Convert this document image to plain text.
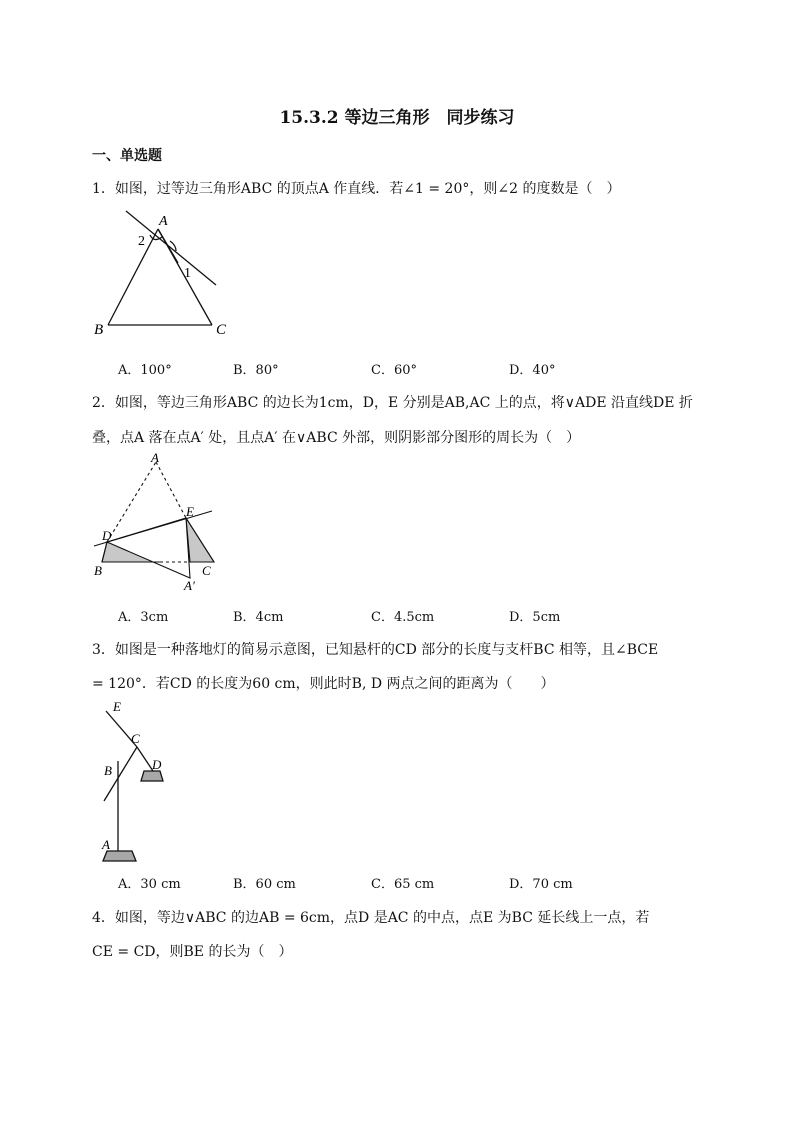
15.3.2 等边三角形　同步练习
一、单选题
1．如图，过等边三角形ABC 的顶点A 作直线．若∠1 = 20°，则∠2 的度数是（　）
A
B	C
1
2
A．100°	B．80°	C．60°	D．40°
2．如图，等边三角形ABC 的边长为1cm，D，E 分别是AB,AC 上的点，将∨ADE 沿直线DE 折
叠，点A 落在点A′ 处，且点A′ 在∨ABC 外部，则阴影部分图形的周长为（　）
A
B	C
D
E
A′
A．3cm	B．4cm	C．4.5cm	D．5cm
3．如图是一种落地灯的简易示意图，已知悬杆的CD 部分的长度与支杆BC 相等，且∠BCE
= 120°．若CD 的长度为60 cm，则此时B, D 两点之间的距离为（　　）
E
C
B	D
A
A．30 cm	B．60 cm	C．65 cm	D．70 cm
4．如图，等边∨ABC 的边AB = 6cm，点D 是AC 的中点，点E 为BC 延长线上一点，若
CE = CD，则BE 的长为（　）
